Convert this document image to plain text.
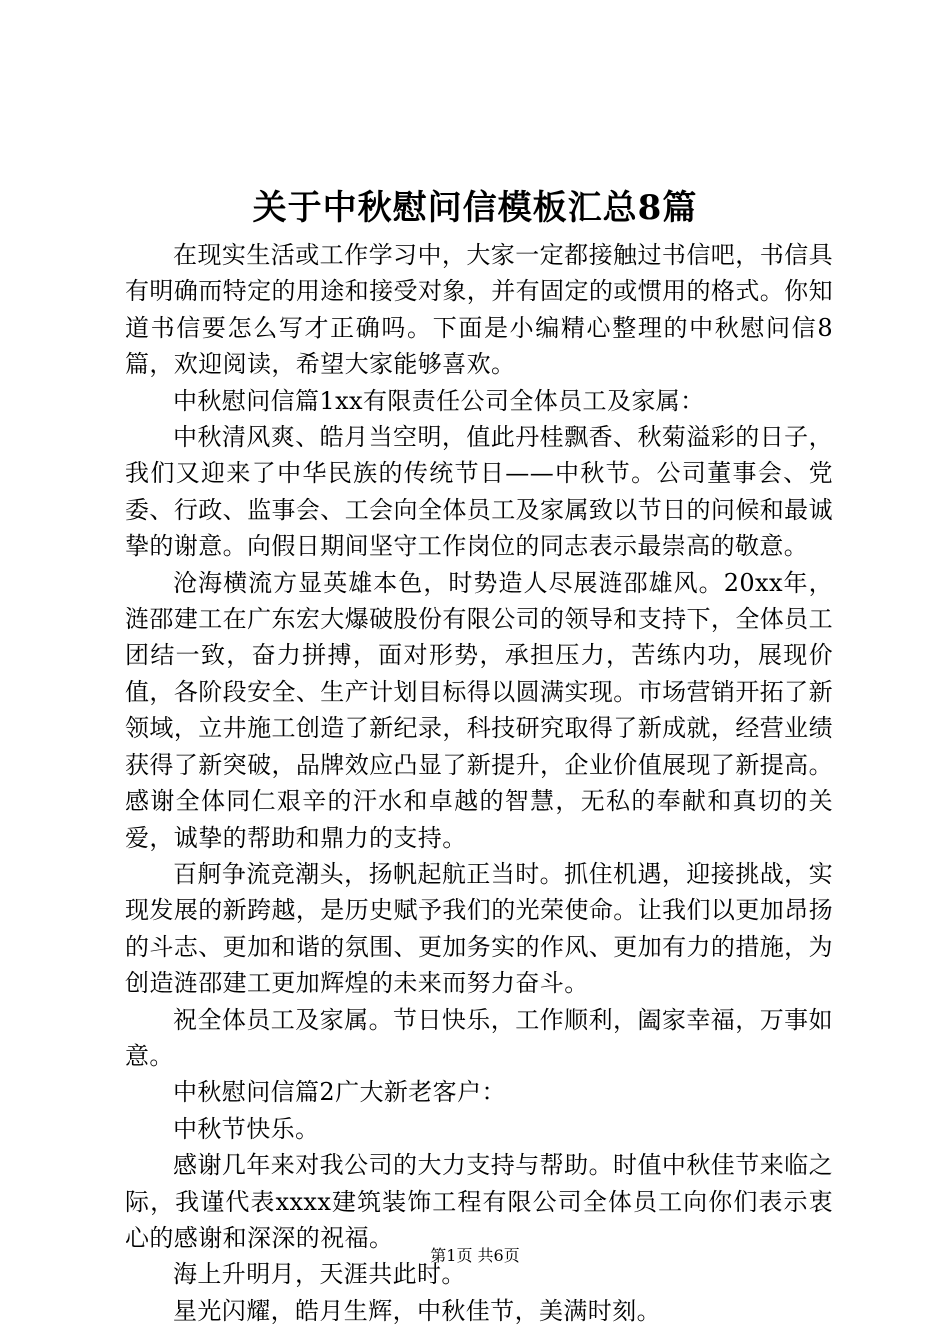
关于中秋慰问信模板汇总8篇

在现实生活或工作学习中，大家一定都接触过书信吧，书信具有明确而特定的用途和接受对象，并有固定的或惯用的格式。你知道书信要怎么写才正确吗。下面是小编精心整理的中秋慰问信8篇，欢迎阅读，希望大家能够喜欢。

中秋慰问信篇1xx有限责任公司全体员工及家属：

中秋清风爽、皓月当空明，值此丹桂飘香、秋菊溢彩的日子，我们又迎来了中华民族的传统节日——中秋节。公司董事会、党委、行政、监事会、工会向全体员工及家属致以节日的问候和最诚挚的谢意。向假日期间坚守工作岗位的同志表示最崇高的敬意。

沧海横流方显英雄本色，时势造人尽展涟邵雄风。20xx年，涟邵建工在广东宏大爆破股份有限公司的领导和支持下，全体员工团结一致，奋力拼搏，面对形势，承担压力，苦练内功，展现价值，各阶段安全、生产计划目标得以圆满实现。市场营销开拓了新领域，立井施工创造了新纪录，科技研究取得了新成就，经营业绩获得了新突破，品牌效应凸显了新提升，企业价值展现了新提高。感谢全体同仁艰辛的汗水和卓越的智慧，无私的奉献和真切的关爱，诚挚的帮助和鼎力的支持。

百舸争流竞潮头，扬帆起航正当时。抓住机遇，迎接挑战，实现发展的新跨越，是历史赋予我们的光荣使命。让我们以更加昂扬的斗志、更加和谐的氛围、更加务实的作风、更加有力的措施，为创造涟邵建工更加辉煌的未来而努力奋斗。

祝全体员工及家属。节日快乐，工作顺利，阖家幸福，万事如意。

中秋慰问信篇2广大新老客户：

中秋节快乐。

感谢几年来对我公司的大力支持与帮助。时值中秋佳节来临之际，我谨代表xxxx建筑装饰工程有限公司全体员工向你们表示衷心的感谢和深深的祝福。

海上升明月，天涯共此时。

星光闪耀，皓月生辉，中秋佳节，美满时刻。

第1页 共6页
